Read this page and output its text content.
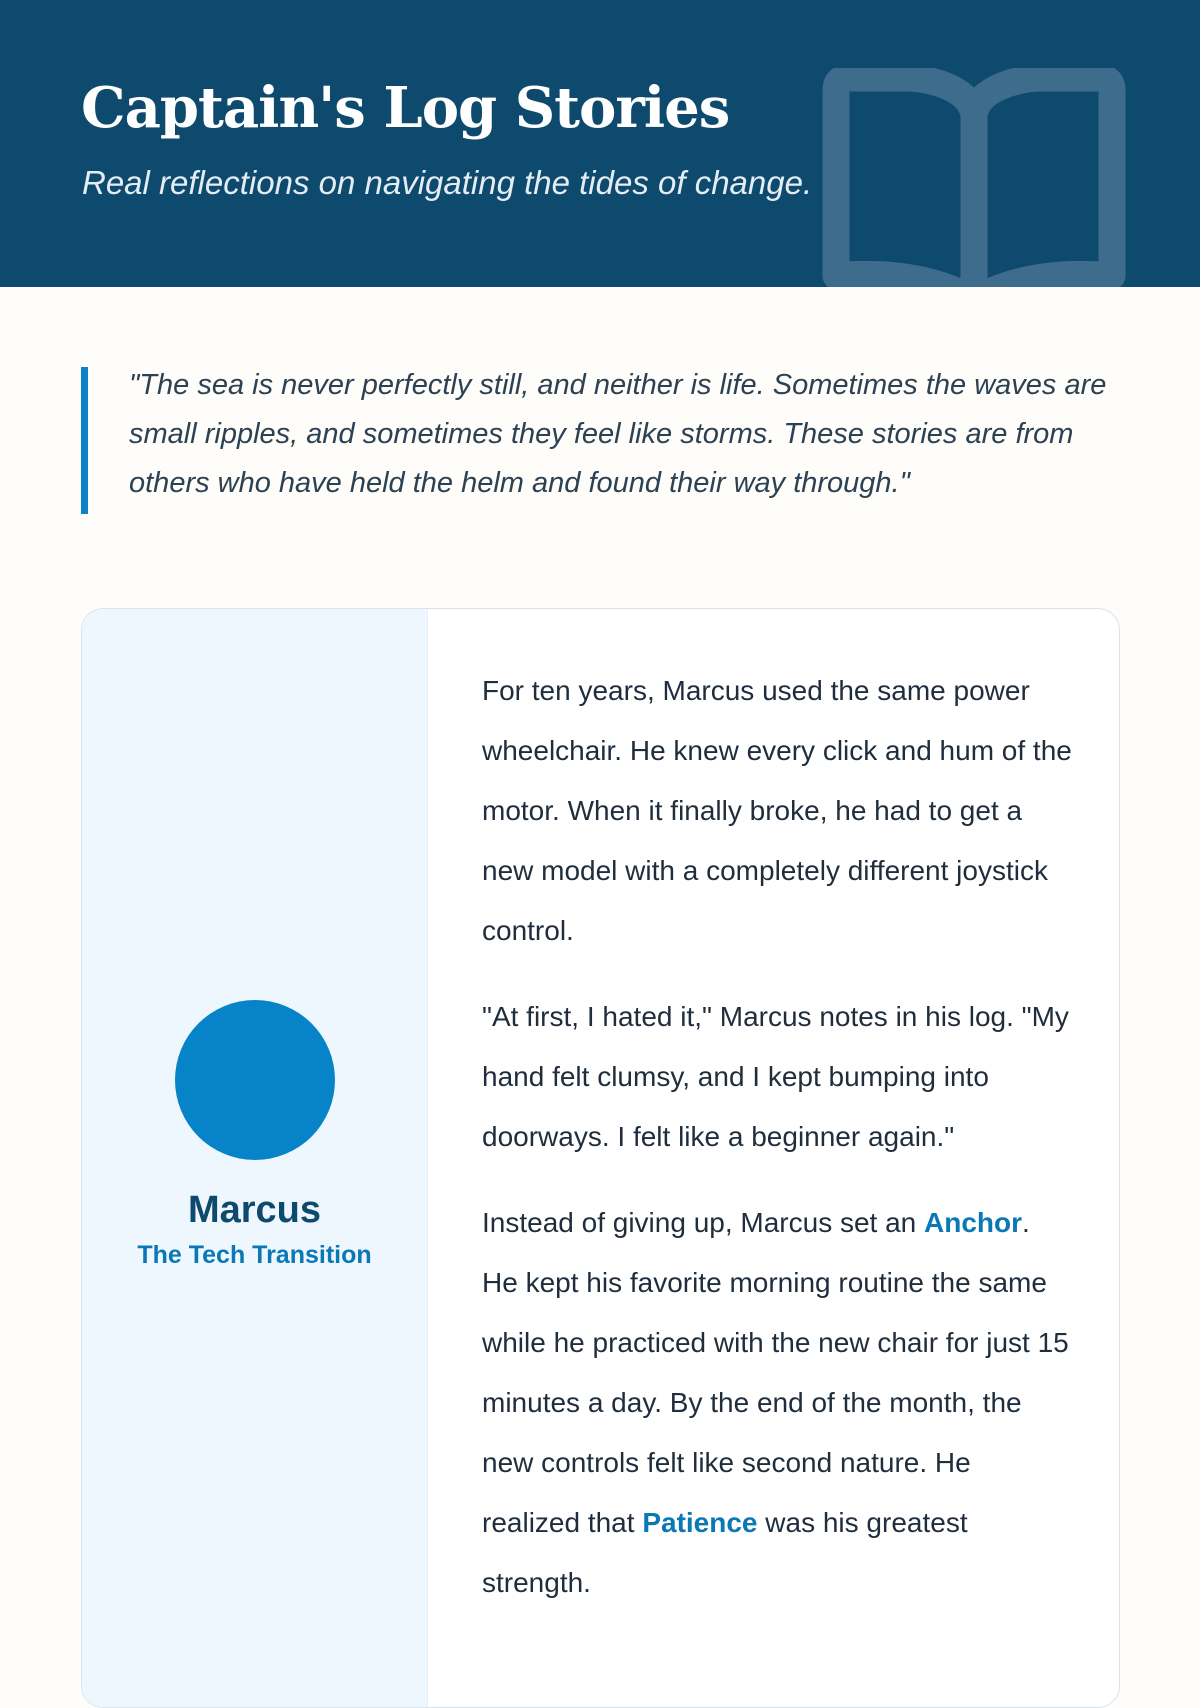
Captain's Log Stories

Real reflections on navigating the tides of change.

"The sea is never perfectly still, and neither is life. Sometimes the waves are small ripples, and sometimes they feel like storms. These stories are from others who have held the helm and found their way through."

Marcus
The Tech Transition

For ten years, Marcus used the same power wheelchair. He knew every click and hum of the motor. When it finally broke, he had to get a new model with a completely different joystick control.

"At first, I hated it," Marcus notes in his log. "My hand felt clumsy, and I kept bumping into doorways. I felt like a beginner again."

Instead of giving up, Marcus set an Anchor. He kept his favorite morning routine the same while he practiced with the new chair for just 15 minutes a day. By the end of the month, the new controls felt like second nature. He realized that Patience was his greatest strength.
